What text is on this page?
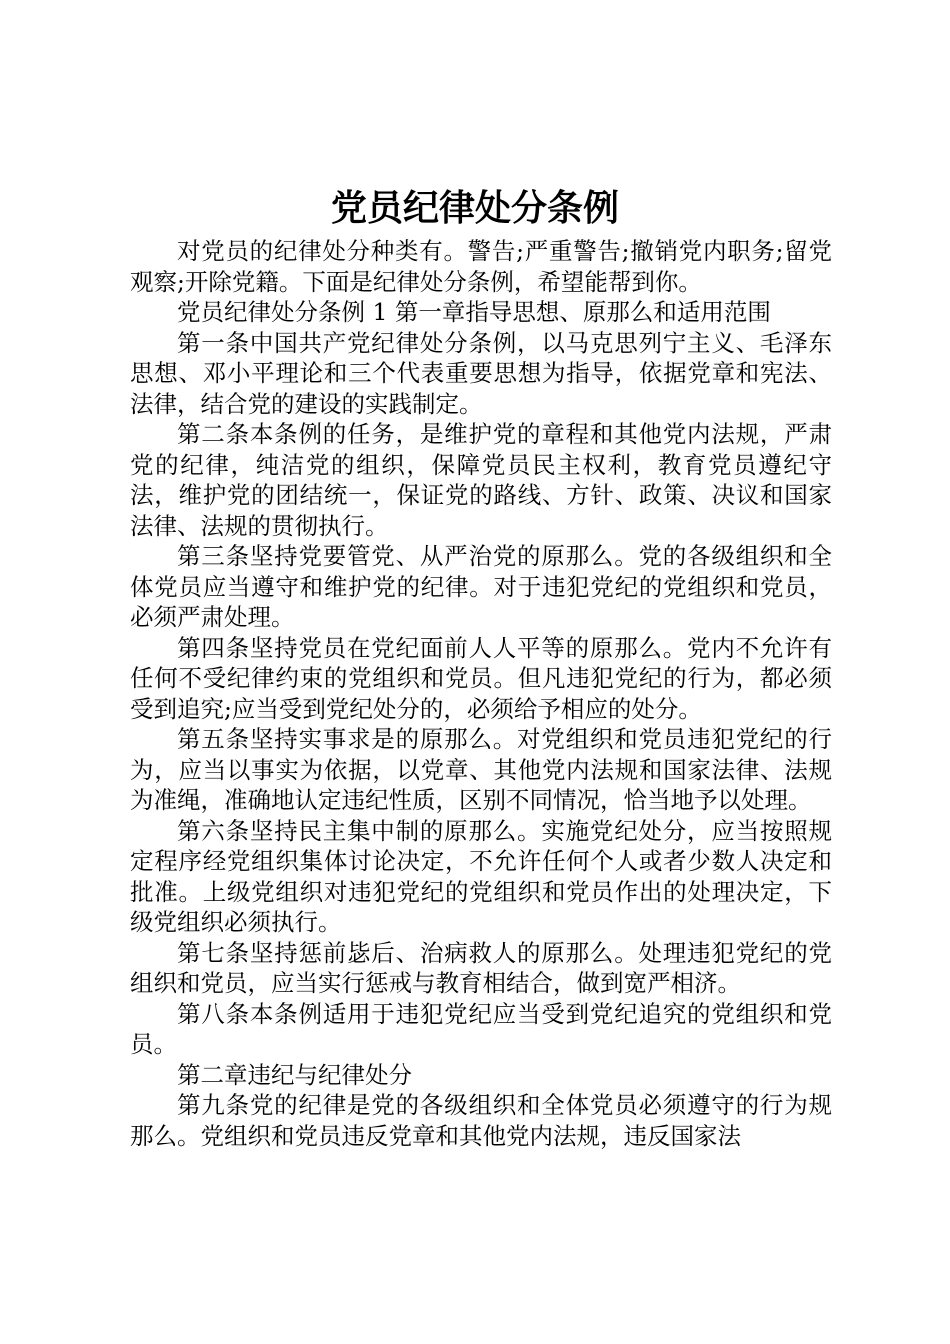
党员纪律处分条例

对党员的纪律处分种类有。警告;严重警告;撤销党内职务;留党观察;开除党籍。下面是纪律处分条例，希望能帮到你。

党员纪律处分条例 1 第一章指导思想、原那么和适用范围

第一条中国共产党纪律处分条例，以马克思列宁主义、毛泽东思想、邓小平理论和三个代表重要思想为指导，依据党章和宪法、法律，结合党的建设的实践制定。

第二条本条例的任务，是维护党的章程和其他党内法规，严肃党的纪律，纯洁党的组织，保障党员民主权利，教育党员遵纪守法，维护党的团结统一，保证党的路线、方针、政策、决议和国家法律、法规的贯彻执行。

第三条坚持党要管党、从严治党的原那么。党的各级组织和全体党员应当遵守和维护党的纪律。对于违犯党纪的党组织和党员，必须严肃处理。

第四条坚持党员在党纪面前人人平等的原那么。党内不允许有任何不受纪律约束的党组织和党员。但凡违犯党纪的行为，都必须受到追究;应当受到党纪处分的，必须给予相应的处分。

第五条坚持实事求是的原那么。对党组织和党员违犯党纪的行为，应当以事实为依据，以党章、其他党内法规和国家法律、法规为准绳，准确地认定违纪性质，区别不同情况，恰当地予以处理。

第六条坚持民主集中制的原那么。实施党纪处分，应当按照规定程序经党组织集体讨论决定，不允许任何个人或者少数人决定和批准。上级党组织对违犯党纪的党组织和党员作出的处理决定，下级党组织必须执行。

第七条坚持惩前毖后、治病救人的原那么。处理违犯党纪的党组织和党员，应当实行惩戒与教育相结合，做到宽严相济。

第八条本条例适用于违犯党纪应当受到党纪追究的党组织和党员。

第二章违纪与纪律处分

第九条党的纪律是党的各级组织和全体党员必须遵守的行为规那么。党组织和党员违反党章和其他党内法规，违反国家法
